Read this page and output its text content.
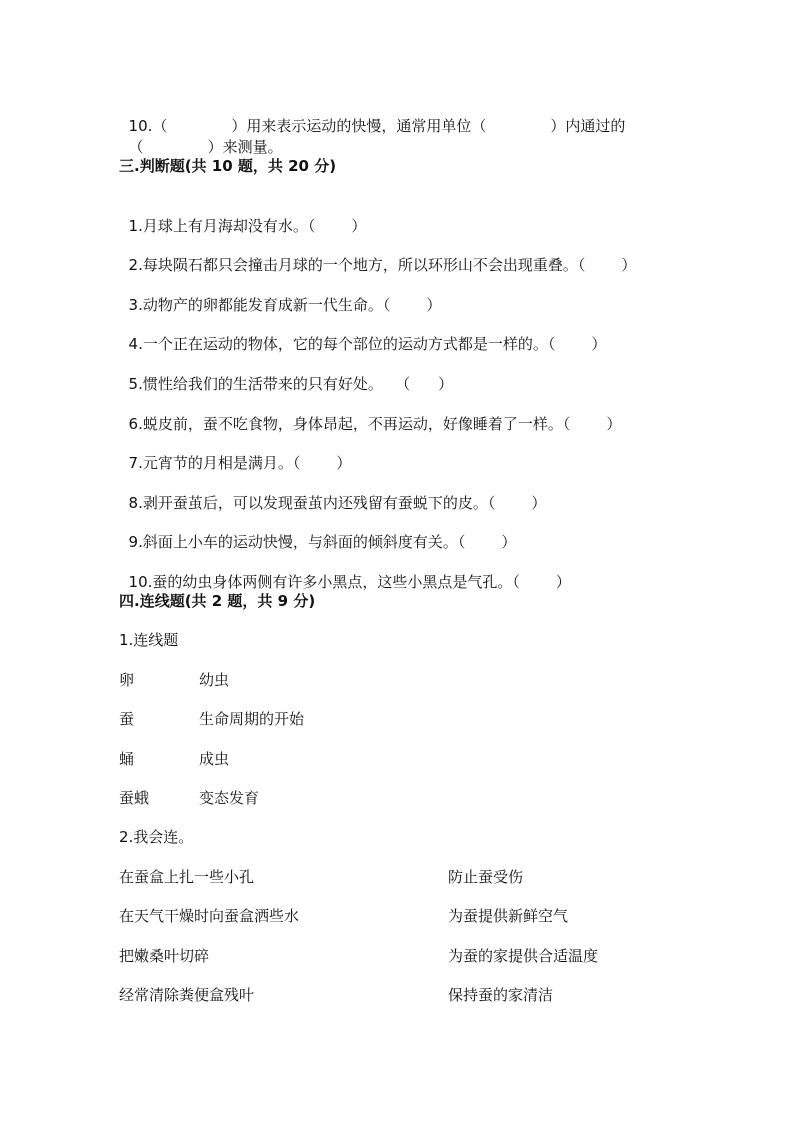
10.（	）用来表示运动的快慢，通常用单位（	）内通过的

（	）来测量。

三.判断题(共 10 题，共 20 分)

1.月球上有月海却没有水。（ ）

2.每块陨石都只会撞击月球的一个地方，所以环形山不会出现重叠。（ ）

3.动物产的卵都能发育成新一代生命。（ ）

4.一个正在运动的物体，它的每个部位的运动方式都是一样的。（ ）

5.惯性给我们的生活带来的只有好处。　 （ ）

6.蜕皮前，蚕不吃食物，身体昂起，不再运动，好像睡着了一样。（ ）

7.元宵节的月相是满月。（ ）

8.剥开蚕茧后，可以发现蚕茧内还残留有蚕蜕下的皮。（ ）

9.斜面上小车的运动快慢，与斜面的倾斜度有关。（ ）

10.蚕的幼虫身体两侧有许多小黑点，这些小黑点是气孔。（ ）

四.连线题(共 2 题，共 9 分)
1.连线题
卵	幼虫
蚕	生命周期的开始
蛹	成虫
蚕蛾	变态发育
2.我会连。
在蚕盒上扎一些小孔	防止蚕受伤
在天气干燥时向蚕盒洒些水	为蚕提供新鲜空气
把嫩桑叶切碎	为蚕的家提供合适温度
经常清除粪便盒残叶	保持蚕的家清洁
